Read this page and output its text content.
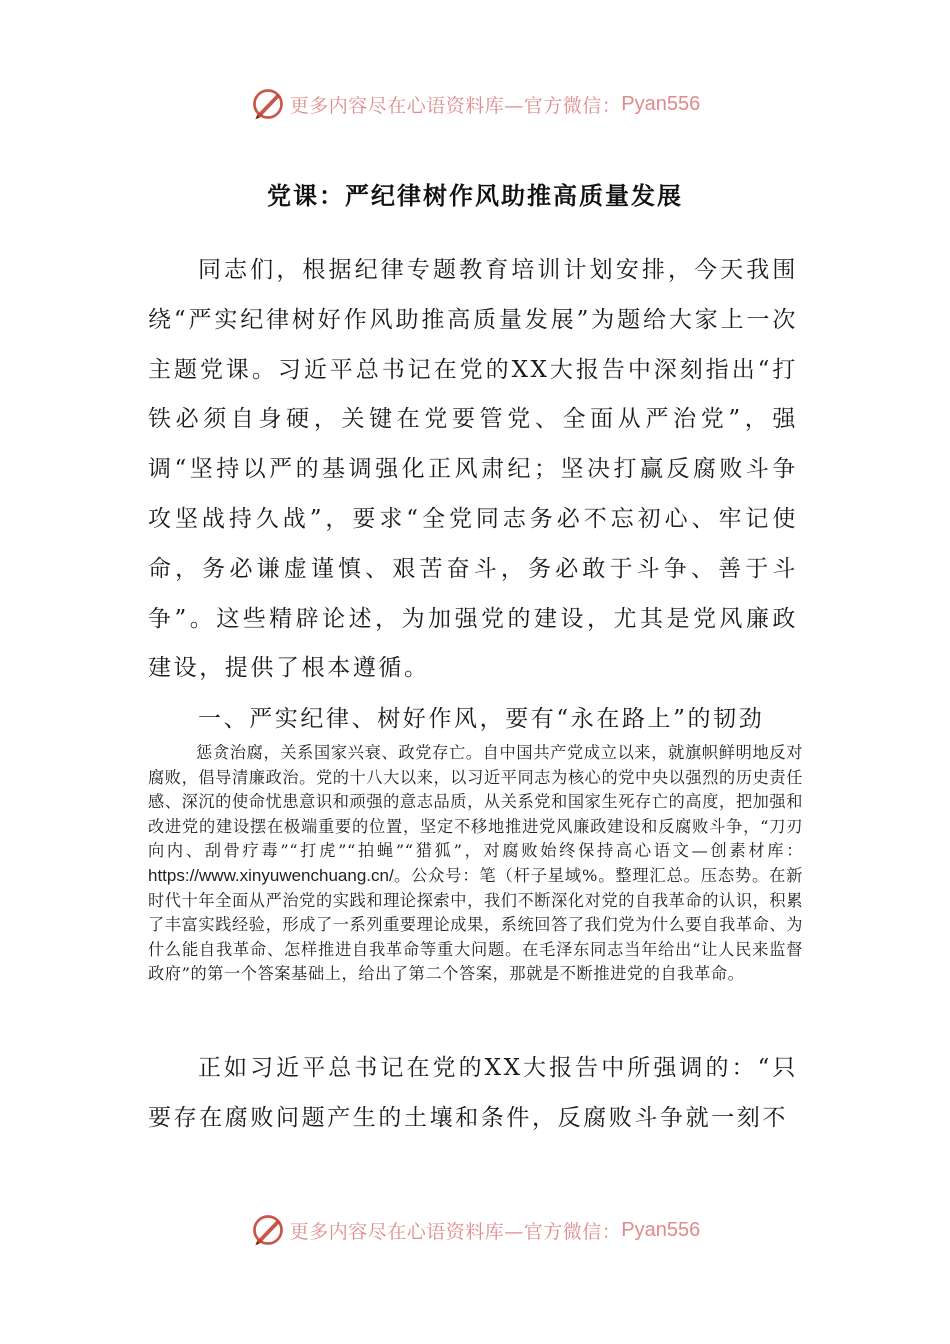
更多内容尽在心语资料库—官方微信： Pyan556
党课：严纪律树作风助推高质量发展

同志们，根据纪律专题教育培训计划安排，今天我围绕“严实纪律树好作风助推高质量发展”为题给大家上一次主题党课。习近平总书记在党的XX大报告中深刻指出“打铁必须自身硬，关键在党要管党、全面从严治党”，强调“坚持以严的基调强化正风肃纪；坚决打赢反腐败斗争攻坚战持久战”，要求“全党同志务必不忘初心、牢记使命，务必谦虚谨慎、艰苦奋斗，务必敢于斗争、善于斗争”。这些精辟论述，为加强党的建设，尤其是党风廉政建设，提供了根本遵循。

一、严实纪律、树好作风，要有“永在路上”的韧劲

惩贪治腐，关系国家兴衰、政党存亡。自中国共产党成立以来，就旗帜鲜明地反对腐败，倡导清廉政治。党的十八大以来，以习近平同志为核心的党中央以强烈的历史责任感、深沉的使命忧患意识和顽强的意志品质，从关系党和国家生死存亡的高度，把加强和改进党的建设摆在极端重要的位置，坚定不移地推进党风廉政建设和反腐败斗争，“刀刃向内、刮骨疗毒”“打虎”“拍蝇”“猎狐”，对腐败始终保持高心语文—创素材库：https://www.xinyuwenchuang.cn/。公众号：笔（杆子星域%。整理汇总。压态势。在新时代十年全面从严治党的实践和理论探索中，我们不断深化对党的自我革命的认识，积累了丰富实践经验，形成了一系列重要理论成果，系统回答了我们党为什么要自我革命、为什么能自我革命、怎样推进自我革命等重大问题。在毛泽东同志当年给出“让人民来监督政府”的第一个答案基础上，给出了第二个答案，那就是不断推进党的自我革命。

正如习近平总书记在党的XX大报告中所强调的：“只要存在腐败问题产生的土壤和条件，反腐败斗争就一刻不

更多内容尽在心语资料库—官方微信： Pyan556
